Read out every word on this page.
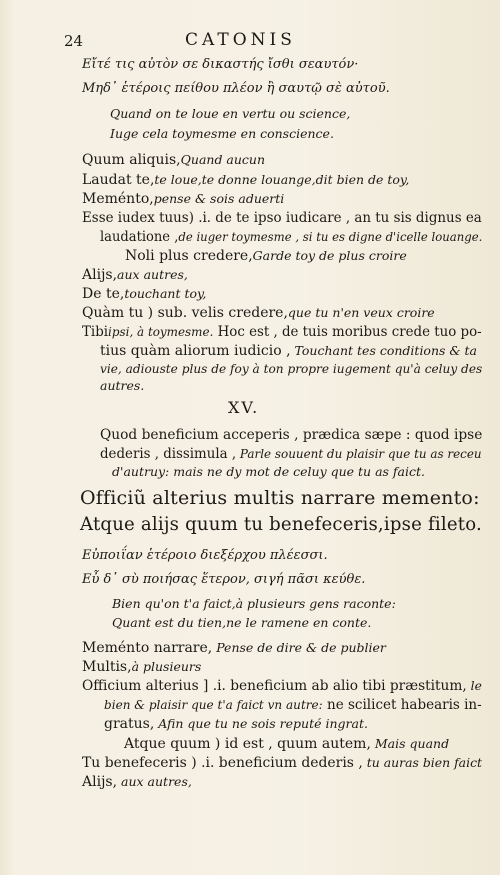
24	CATONIS
Εἴτέ τις αὐτὸν σε δικαστής ἴσθι σεαυτόν·
Μηδ᾽ ἑτέροις πείθου πλέον ἢ σαυτῷ σὲ αὐτοῦ.
Quand on te loue en vertu ou science,
Iuge cela toymesme en conscience.
Quum aliquis,Quand aucun
Laudat te,te loue,te donne louange,dit bien de toy,
Meménto,pense & sois aduerti
Esse iudex tuus) .i. de te ipso iudicare , an tu sis dignus ea
laudatione ,de iuger toymesme , si tu es digne d'icelle louange.
Noli plus credere,Garde toy de plus croire
Alijs,aux autres,
De te,touchant toy,
Quàm tu ) sub. velis credere,que tu n'en veux croire
Tibiipsi, à toymesme. Hoc est , de tuis moribus crede tuo po-
tius quàm aliorum iudicio , Touchant tes conditions & ta
vie, adiouste plus de foy à ton propre iugement qu'à celuy des
autres.
XV.
Quod beneficium acceperis , prædica sæpe : quod ipse
dederis , dissimula , Parle souuent du plaisir que tu as receu
d'autruy: mais ne dy mot de celuy que tu as faict.
Officiũ alterius multis narrare memento:
Atque alijs quum tu benefeceris,ipse fileto.
Εὐποιΐαν ἑτέροιο διεξέρχου πλέεσσι.
Εὖ δ᾽ σὺ ποιήσας ἕτερον, σιγή πᾶσι κεύθε.
Bien qu'on t'a faict,à plusieurs gens raconte:
Quant est du tien,ne le ramene en conte.
Meménto narrare, Pense de dire & de publier
Multis,à plusieurs
Officium alterius ] .i. beneficium ab alio tibi præstitum, le
bien & plaisir que t'a faict vn autre: ne scilicet habearis in-
gratus, Afin que tu ne sois reputé ingrat.
Atque quum ) id est , quum autem, Mais quand
Tu benefeceris ) .i. beneficium dederis , tu auras bien faict
Alijs, aux autres,
